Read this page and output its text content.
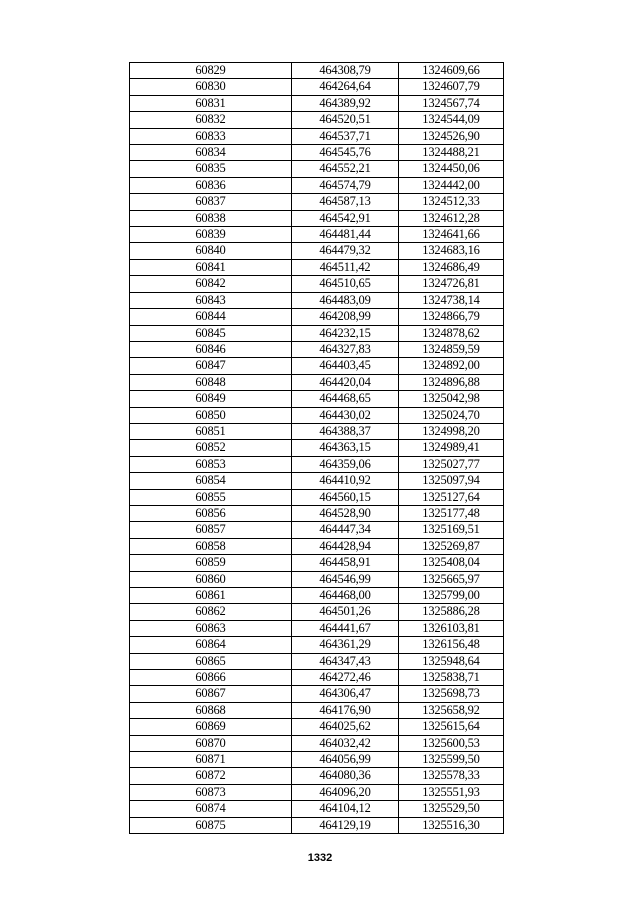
60829	464308,79	1324609,66
60830	464264,64	1324607,79
60831	464389,92	1324567,74
60832	464520,51	1324544,09
60833	464537,71	1324526,90
60834	464545,76	1324488,21
60835	464552,21	1324450,06
60836	464574,79	1324442,00
60837	464587,13	1324512,33
60838	464542,91	1324612,28
60839	464481,44	1324641,66
60840	464479,32	1324683,16
60841	464511,42	1324686,49
60842	464510,65	1324726,81
60843	464483,09	1324738,14
60844	464208,99	1324866,79
60845	464232,15	1324878,62
60846	464327,83	1324859,59
60847	464403,45	1324892,00
60848	464420,04	1324896,88
60849	464468,65	1325042,98
60850	464430,02	1325024,70
60851	464388,37	1324998,20
60852	464363,15	1324989,41
60853	464359,06	1325027,77
60854	464410,92	1325097,94
60855	464560,15	1325127,64
60856	464528,90	1325177,48
60857	464447,34	1325169,51
60858	464428,94	1325269,87
60859	464458,91	1325408,04
60860	464546,99	1325665,97
60861	464468,00	1325799,00
60862	464501,26	1325886,28
60863	464441,67	1326103,81
60864	464361,29	1326156,48
60865	464347,43	1325948,64
60866	464272,46	1325838,71
60867	464306,47	1325698,73
60868	464176,90	1325658,92
60869	464025,62	1325615,64
60870	464032,42	1325600,53
60871	464056,99	1325599,50
60872	464080,36	1325578,33
60873	464096,20	1325551,93
60874	464104,12	1325529,50
60875	464129,19	1325516,30
1332
